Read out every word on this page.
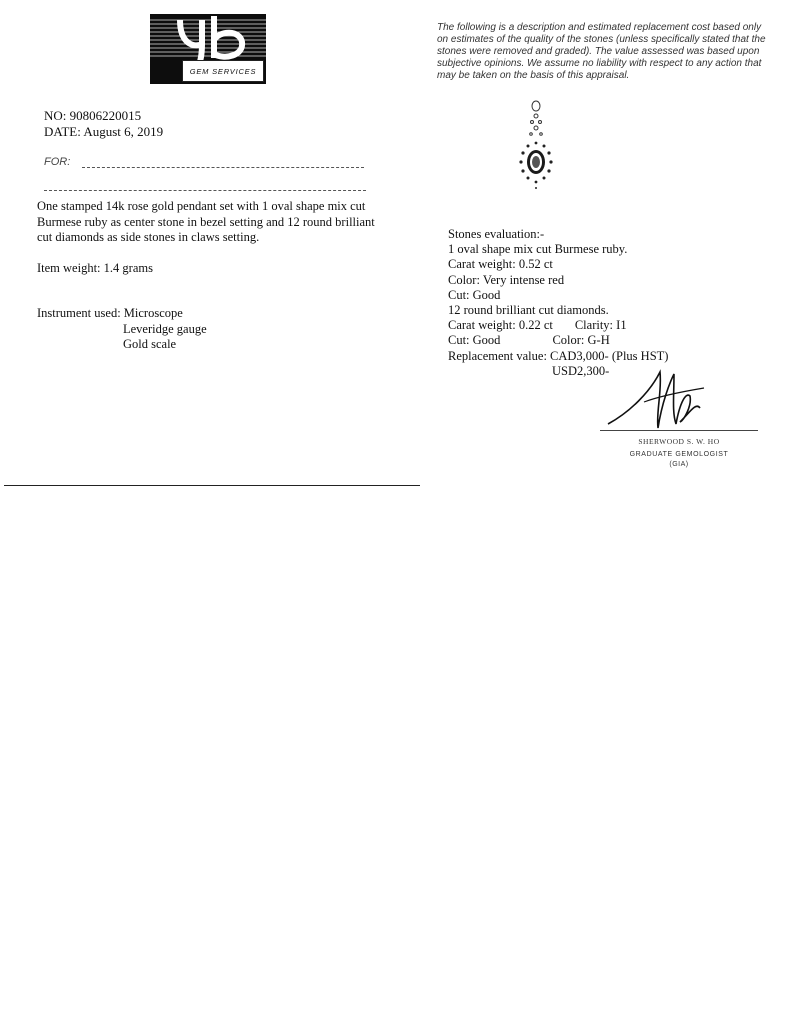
GEM SERVICES
NO: 90806220015
DATE: August 6, 2019
FOR:
One stamped 14k rose gold pendant set with 1 oval shape mix cut Burmese ruby as center stone in bezel setting and 12 round brilliant cut diamonds as side stones in claws setting.
Item weight: 1.4 grams
Instrument used: Microscope
Leveridge gauge
Gold scale
The following is a description and estimated replacement cost based only on estimates of the quality of the stones (unless specifically stated that the stones were removed and graded). The value assessed was based upon subjective opinions. We assume no liability with respect to any action that may be taken on the basis of this appraisal.
Stones evaluation:-
1 oval shape mix cut Burmese ruby.
Carat weight: 0.52 ct
Color: Very intense red
Cut: Good
12 round brilliant cut diamonds.
Carat weight: 0.22 ct Clarity: I1
Cut: Good	Color: G-H
Replacement value: CAD3,000- (Plus HST)
USD2,300-
SHERWOOD S. W. HO
GRADUATE GEMOLOGIST
(GIA)
